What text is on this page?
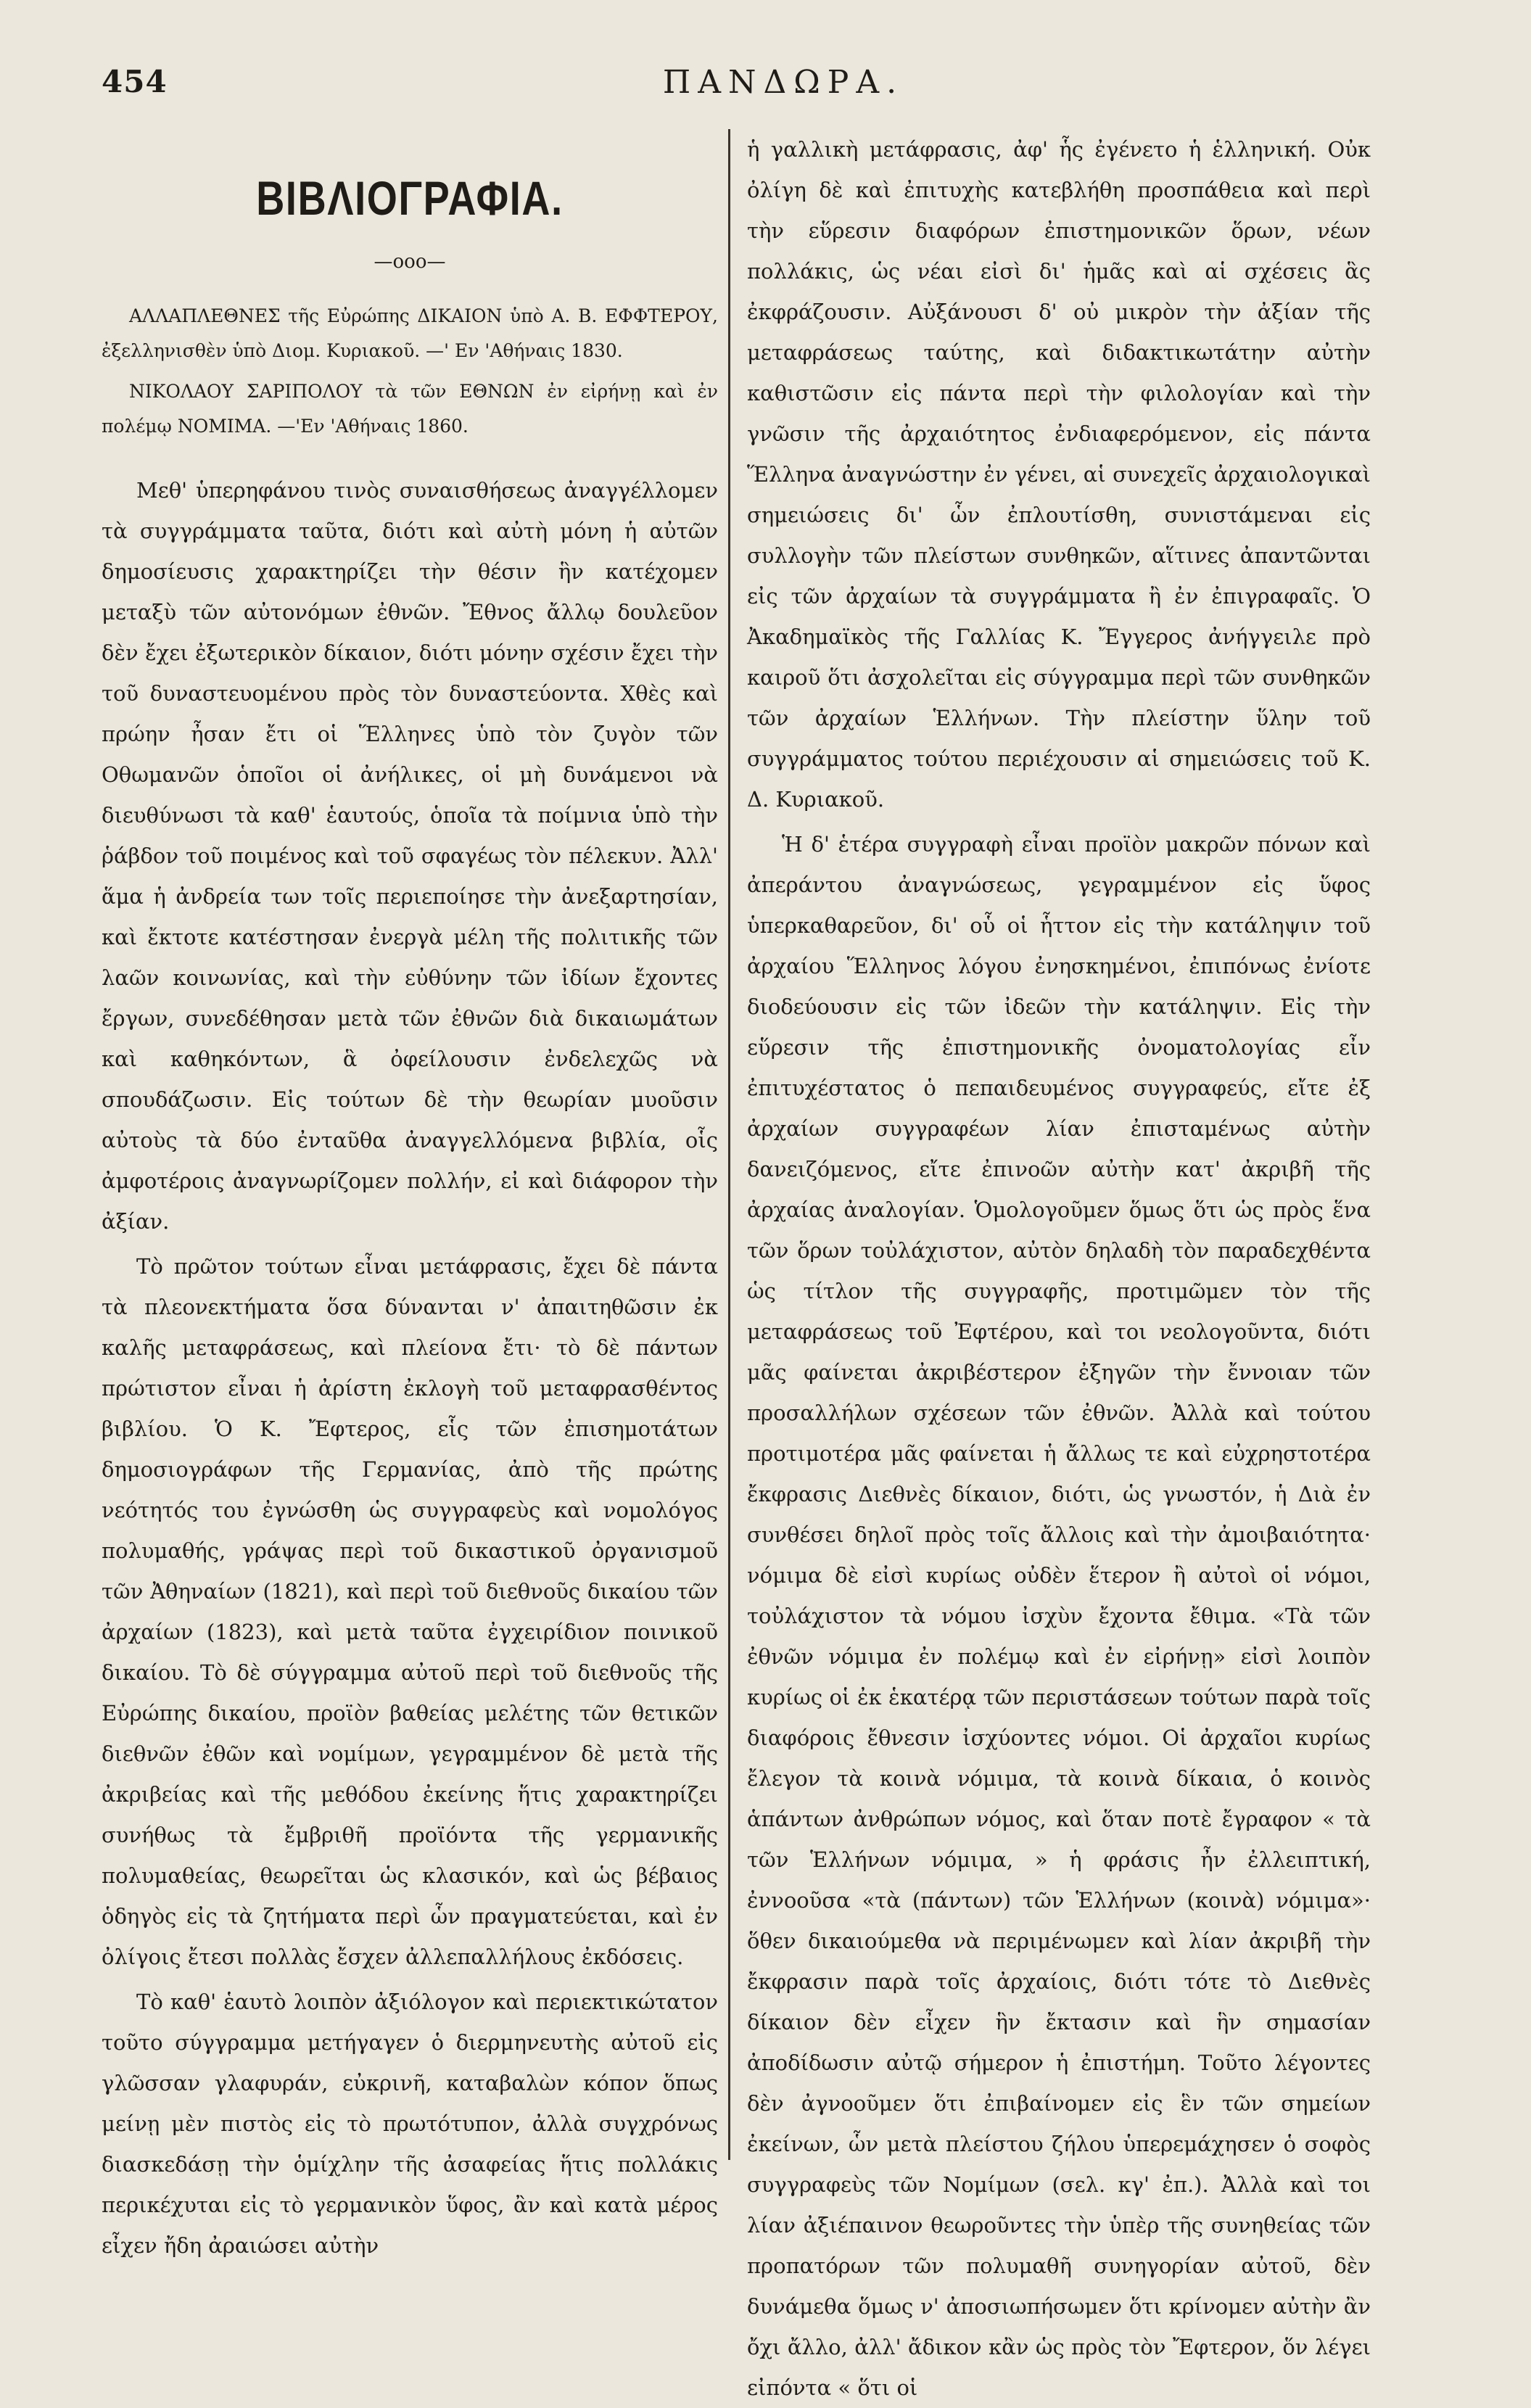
454	ΠΑΝΔΩΡΑ.
ΒΙΒΛΙΟΓΡΑΦΙΑ.
—οοο—

ΑΛΛΑΠΛΕΘΝΕΣ τῆς Εὐρώπης ΔΙΚΑΙΟΝ ὑπὸ Α. Β. ΕΦΦΤΕΡΟΥ, ἐξελληνισθὲν ὑπὸ Διομ. Κυριακοῦ. —' Εν 'Αθήναις 1830.

ΝΙΚΟΛΑΟΥ ΣΑΡΙΠΟΛΟΥ τὰ τῶν ΕΘΝΩΝ ἐν εἰρήνῃ καὶ ἐν πολέμῳ ΝΟΜΙΜΑ. —'Εν 'Αθήναις 1860.

Μεθ' ὑπερηφάνου τινὸς συναισθήσεως ἀναγγέλλομεν τὰ συγγράμματα ταῦτα, διότι καὶ αὐτὴ μόνη ἡ αὐτῶν δημοσίευσις χαρακτηρίζει τὴν θέσιν ἣν κατέχομεν μεταξὺ τῶν αὐτονόμων ἐθνῶν. Ἔθνος ἄλλῳ δουλεῦον δὲν ἔχει ἐξωτερικὸν δίκαιον, διότι μόνην σχέσιν ἔχει τὴν τοῦ δυναστευομένου πρὸς τὸν δυναστεύοντα. Χθὲς καὶ πρώην ἦσαν ἔτι οἱ Ἕλληνες ὑπὸ τὸν ζυγὸν τῶν Οθωμανῶν ὁποῖοι οἱ ἀνήλικες, οἱ μὴ δυνάμενοι νὰ διευθύνωσι τὰ καθ' ἑαυτούς, ὁποῖα τὰ ποίμνια ὑπὸ τὴν ῥάβδον τοῦ ποιμένος καὶ τοῦ σφαγέως τὸν πέλεκυν. Ἀλλ' ἅμα ἡ ἀνδρεία των τοῖς περιεποίησε τὴν ἀνεξαρτησίαν, καὶ ἔκτοτε κατέστησαν ἐνεργὰ μέλη τῆς πολιτικῆς τῶν λαῶν κοινωνίας, καὶ τὴν εὐθύνην τῶν ἰδίων ἔχοντες ἔργων, συνεδέθησαν μετὰ τῶν ἐθνῶν διὰ δικαιωμάτων καὶ καθηκόντων, ἃ ὀφείλουσιν ἐνδελεχῶς νὰ σπουδάζωσιν. Εἰς τούτων δὲ τὴν θεωρίαν μυοῦσιν αὐτοὺς τὰ δύο ἐνταῦθα ἀναγγελλόμενα βιβλία, οἷς ἀμφοτέροις ἀναγνωρίζομεν πολλήν, εἰ καὶ διάφορον τὴν ἀξίαν.

Τὸ πρῶτον τούτων εἶναι μετάφρασις, ἔχει δὲ πάντα τὰ πλεονεκτήματα ὅσα δύνανται ν' ἀπαιτηθῶσιν ἐκ καλῆς μεταφράσεως, καὶ πλείονα ἔτι· τὸ δὲ πάντων πρώτιστον εἶναι ἡ ἀρίστη ἐκλογὴ τοῦ μεταφρασθέντος βιβλίου. Ὁ Κ. Ἔφτερος, εἷς τῶν ἐπισημοτάτων δημοσιογράφων τῆς Γερμανίας, ἀπὸ τῆς πρώτης νεότητός του ἐγνώσθη ὡς συγγραφεὺς καὶ νομολόγος πολυμαθής, γράψας περὶ τοῦ δικαστικοῦ ὀργανισμοῦ τῶν Ἀθηναίων (1821), καὶ περὶ τοῦ διεθνοῦς δικαίου τῶν ἀρχαίων (1823), καὶ μετὰ ταῦτα ἐγχειρίδιον ποινικοῦ δικαίου. Τὸ δὲ σύγγραμμα αὐτοῦ περὶ τοῦ διεθνοῦς τῆς Εὐρώπης δικαίου, προϊὸν βαθείας μελέτης τῶν θετικῶν διεθνῶν ἐθῶν καὶ νομίμων, γεγραμμένον δὲ μετὰ τῆς ἀκριβείας καὶ τῆς μεθόδου ἐκείνης ἥτις χαρακτηρίζει συνήθως τὰ ἔμβριθῆ προϊόντα τῆς γερμανικῆς πολυμαθείας, θεωρεῖται ὡς κλασικόν, καὶ ὡς βέβαιος ὁδηγὸς εἰς τὰ ζητήματα περὶ ὧν πραγματεύεται, καὶ ἐν ὀλίγοις ἔτεσι πολλὰς ἔσχεν ἀλλεπαλλήλους ἐκδόσεις.

Τὸ καθ' ἑαυτὸ λοιπὸν ἀξιόλογον καὶ περιεκτικώτατον τοῦτο σύγγραμμα μετήγαγεν ὁ διερμηνευτὴς αὐτοῦ εἰς γλῶσσαν γλαφυράν, εὐκρινῆ, καταβαλὼν κόπον ὅπως μείνῃ μὲν πιστὸς εἰς τὸ πρωτότυπον, ἀλλὰ συγχρόνως διασκεδάσῃ τὴν ὁμίχλην τῆς ἀσαφείας ἥτις πολλάκις περικέχυται εἰς τὸ γερμανικὸν ὕφος, ἂν καὶ κατὰ μέρος εἶχεν ἤδη ἀραιώσει αὐτὴν

ἡ γαλλικὴ μετάφρασις, ἀφ' ἧς ἐγένετο ἡ ἑλληνική. Οὐκ ὀλίγη δὲ καὶ ἐπιτυχὴς κατεβλήθη προσπάθεια καὶ περὶ τὴν εὕρεσιν διαφόρων ἐπιστημονικῶν ὅρων, νέων πολλάκις, ὡς νέαι εἰσὶ δι' ἡμᾶς καὶ αἱ σχέσεις ἃς ἐκφράζουσιν. Αὐξάνουσι δ' οὐ μικρὸν τὴν ἀξίαν τῆς μεταφράσεως ταύτης, καὶ διδακτικωτάτην αὐτὴν καθιστῶσιν εἰς πάντα περὶ τὴν φιλολογίαν καὶ τὴν γνῶσιν τῆς ἀρχαιότητος ἐνδιαφερόμενον, εἰς πάντα Ἕλληνα ἀναγνώστην ἐν γένει, αἱ συνεχεῖς ἀρχαιολογικαὶ σημειώσεις δι' ὧν ἐπλουτίσθη, συνιστάμεναι εἰς συλλογὴν τῶν πλείστων συνθηκῶν, αἵτινες ἀπαντῶνται εἰς τῶν ἀρχαίων τὰ συγγράμματα ἢ ἐν ἐπιγραφαῖς. Ὁ Ἀκαδημαϊκὸς τῆς Γαλλίας Κ. Ἔγγερος ἀνήγγειλε πρὸ καιροῦ ὅτι ἀσχολεῖται εἰς σύγγραμμα περὶ τῶν συνθηκῶν τῶν ἀρχαίων Ἑλλήνων. Τὴν πλείστην ὕλην τοῦ συγγράμματος τούτου περιέχουσιν αἱ σημειώσεις τοῦ Κ. Δ. Κυριακοῦ.

Ἡ δ' ἑτέρα συγγραφὴ εἶναι προϊὸν μακρῶν πόνων καὶ ἀπεράντου ἀναγνώσεως, γεγραμμένον εἰς ὕφος ὑπερκαθαρεῦον, δι' οὗ οἱ ἧττον εἰς τὴν κατάληψιν τοῦ ἀρχαίου Ἕλληνος λόγου ἐνησκημένοι, ἐπιπόνως ἐνίοτε διοδεύουσιν εἰς τῶν ἰδεῶν τὴν κατάληψιν. Εἰς τὴν εὕρεσιν τῆς ἐπιστημονικῆς ὀνοματολογίας εἶν ἐπιτυχέστατος ὁ πεπαιδευμένος συγγραφεύς, εἴτε ἐξ ἀρχαίων συγγραφέων λίαν ἐπισταμένως αὐτὴν δανειζόμενος, εἴτε ἐπινοῶν αὐτὴν κατ' ἀκριβῆ τῆς ἀρχαίας ἀναλογίαν. Ὁμολογοῦμεν ὅμως ὅτι ὡς πρὸς ἕνα τῶν ὅρων τοὐλάχιστον, αὐτὸν δηλαδὴ τὸν παραδεχθέντα ὡς τίτλον τῆς συγγραφῆς, προτιμῶμεν τὸν τῆς μεταφράσεως τοῦ Ἐφτέρου, καὶ τοι νεολογοῦντα, διότι μᾶς φαίνεται ἀκριβέστερον ἐξηγῶν τὴν ἔννοιαν τῶν προσαλλήλων σχέσεων τῶν ἐθνῶν. Ἀλλὰ καὶ τούτου προτιμοτέρα μᾶς φαίνεται ἡ ἄλλως τε καὶ εὐχρηστοτέρα ἔκφρασις Διεθνὲς δίκαιον, διότι, ὡς γνωστόν, ἡ Διὰ ἐν συνθέσει δηλοῖ πρὸς τοῖς ἄλλοις καὶ τὴν ἀμοιβαιότητα· νόμιμα δὲ εἰσὶ κυρίως οὐδὲν ἕτερον ἢ αὐτοὶ οἱ νόμοι, τοὐλάχιστον τὰ νόμου ἰσχὺν ἔχοντα ἔθιμα. «Τὰ τῶν ἐθνῶν νόμιμα ἐν πολέμῳ καὶ ἐν εἰρήνῃ» εἰσὶ λοιπὸν κυρίως οἱ ἐκ ἑκατέρᾳ τῶν περιστάσεων τούτων παρὰ τοῖς διαφόροις ἔθνεσιν ἰσχύοντες νόμοι. Οἱ ἀρχαῖοι κυρίως ἔλεγον τὰ κοινὰ νόμιμα, τὰ κοινὰ δίκαια, ὁ κοινὸς ἁπάντων ἀνθρώπων νόμος, καὶ ὅταν ποτὲ ἔγραφον « τὰ τῶν Ἑλλήνων νόμιμα, » ἡ φράσις ἦν ἐλλειπτική, ἐννοοῦσα «τὰ (πάντων) τῶν Ἑλλήνων (κοινὰ) νόμιμα»· ὅθεν δικαιούμεθα νὰ περιμένωμεν καὶ λίαν ἀκριβῆ τὴν ἔκφρασιν παρὰ τοῖς ἀρχαίοις, διότι τότε τὸ Διεθνὲς δίκαιον δὲν εἶχεν ἣν ἔκτασιν καὶ ἣν σημασίαν ἀποδίδωσιν αὐτῷ σήμερον ἡ ἐπιστήμη. Τοῦτο λέγοντες δὲν ἀγνοοῦμεν ὅτι ἐπιβαίνομεν εἰς ἓν τῶν σημείων ἐκείνων, ὧν μετὰ πλείστου ζήλου ὑπερεμάχησεν ὁ σοφὸς συγγραφεὺς τῶν Νομίμων (σελ. κγ' ἐπ.). Ἀλλὰ καὶ τοι λίαν ἀξιέπαινον θεωροῦντες τὴν ὑπὲρ τῆς συνηθείας τῶν προπατόρων τῶν πολυμαθῆ συνηγορίαν αὐτοῦ, δὲν δυνάμεθα ὅμως ν' ἀποσιωπήσωμεν ὅτι κρίνομεν αὐτὴν ἂν ὄχι ἄλλο, ἀλλ' ἄδικον κἂν ὡς πρὸς τὸν Ἔφτερον, ὅν λέγει εἰπόντα « ὅτι οἱ
